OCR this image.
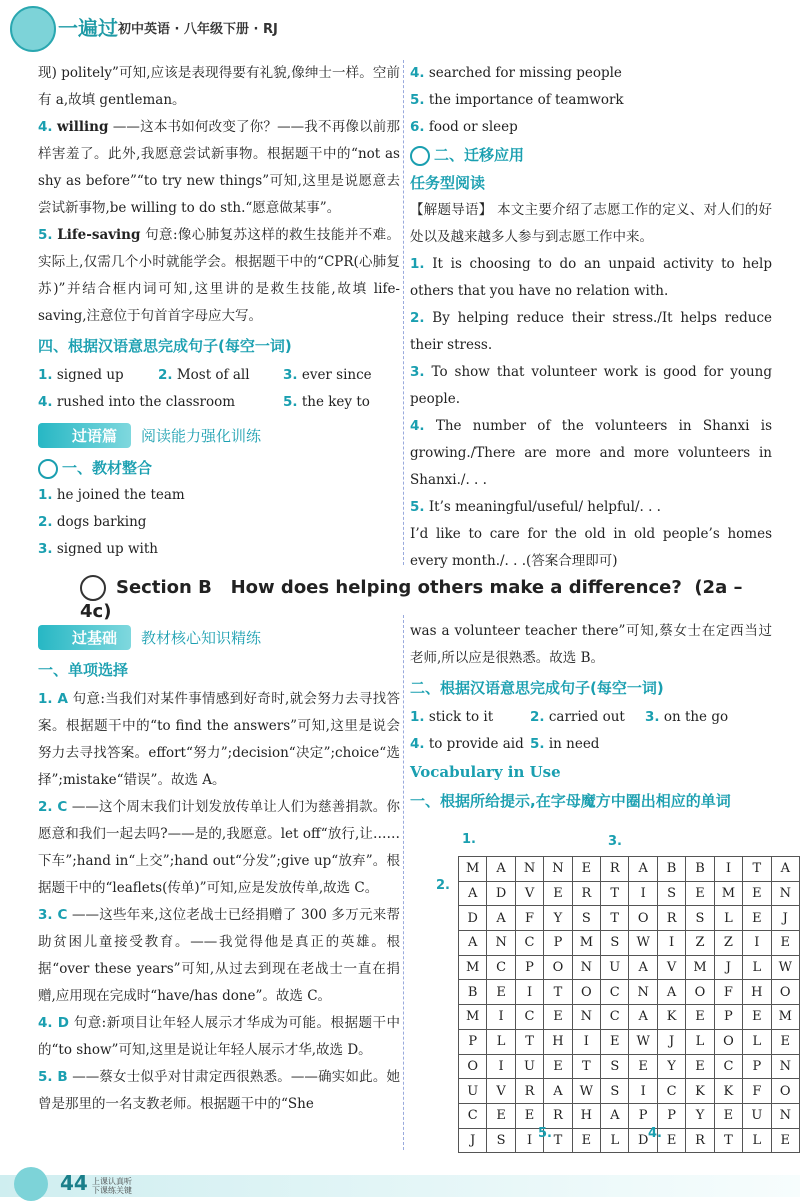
一遍过 初中英语 · 八年级下册 · RJ

现) politely”可知,应该是表现得要有礼貌,像绅士一样。空前有 a,故填 gentleman。

4. willing ——这本书如何改变了你？——我不再像以前那样害羞了。此外,我愿意尝试新事物。根据题干中的“not as shy as before”“to try new things”可知,这里是说愿意去尝试新事物,be willing to do sth.“愿意做某事”。

5. Life-saving 句意:像心肺复苏这样的救生技能并不难。实际上,仅需几个小时就能学会。根据题干中的“CPR(心肺复苏)”并结合框内词可知,这里讲的是救生技能,故填 life-saving,注意位于句首首字母应大写。

四、根据汉语意思完成句子(每空一词)
1. signed up	2. Most of all	3. ever since
4. rushed into the classroom	5. the key to
过语篇	阅读能力强化训练
一、教材整合
1. he joined the team
2. dogs barking
3. signed up with
4. searched for missing people
5. the importance of teamwork
6. food or sleep
二、迁移应用
任务型阅读

【解题导语】 本文主要介绍了志愿工作的定义、对人们的好处以及越来越多人参与到志愿工作中来。

1. It is choosing to do an unpaid activity to help others that you have no relation with.

2. By helping reduce their stress./It helps reduce their stress.

3. To show that volunteer work is good for young people.

4. The number of the volunteers in Shanxi is growing./There are more and more volunteers in Shanxi./. . .

5. It’s meaningful/useful/ helpful/. . .

I’d like to care for the old in old people’s homes every month./. . .(答案合理即可)

Section B How does helping others make a difference? (2a – 4c)
过基础	教材核心知识精练
一、单项选择

1. A 句意:当我们对某件事情感到好奇时,就会努力去寻找答案。根据题干中的“to find the answers”可知,这里是说会努力去寻找答案。effort“努力”;decision“决定”;choice“选择”;mistake“错误”。故选 A。

2. C ——这个周末我们计划发放传单让人们为慈善捐款。你愿意和我们一起去吗?——是的,我愿意。let off“放行,让……下车”;hand in“上交”;hand out“分发”;give up“放弃”。根据题干中的“leaflets(传单)”可知,应是发放传单,故选 C。

3. C ——这些年来,这位老战士已经捐赠了 300 多万元来帮助贫困儿童接受教育。——我觉得他是真正的英雄。根据“over these years”可知,从过去到现在老战士一直在捐赠,应用现在完成时“have/has done”。故选 C。

4. D 句意:新项目让年轻人展示才华成为可能。根据题干中的“to show”可知,这里是说让年轻人展示才华,故选 D。

5. B ——蔡女士似乎对甘肃定西很熟悉。——确实如此。她曾是那里的一名支教老师。根据题干中的“She

was a volunteer teacher there”可知,蔡女士在定西当过老师,所以应是很熟悉。故选 B。

二、根据汉语意思完成句子(每空一词)
1. stick to it	2. carried out	3. on the go
4. to provide aid 5. in need
Vocabulary in Use
一、根据所给提示,在字母魔方中圈出相应的单词
M	A	N	N	E	R	A	B	B	I	T	A
A	D	V	E	R	T	I	S	E	M	E	N
D	A	F	Y	S	T	O	R	S	L	E	J
A	N	C	P	M	S	W	I	Z	Z	I	E
M	C	P	O	N	U	A	V	M	J	L	W
B	E	I	T	O	C	N	A	O	F	H	O
M	I	C	E	N	C	A	K	E	P	E	M
P	L	T	H	I	E	W	J	L	O	L	E
O	I	U	E	T	S	E	Y	E	C	P	N
U	V	R	A	W	S	I	C	K	K	F	O
C	E	E	R	H	A	P	P	Y	E	U	N
J	S	I	T	E	L	D	E	R	T	L	E
1.
2.
3.
4.
5.
44 上课认真听
下课练关键
